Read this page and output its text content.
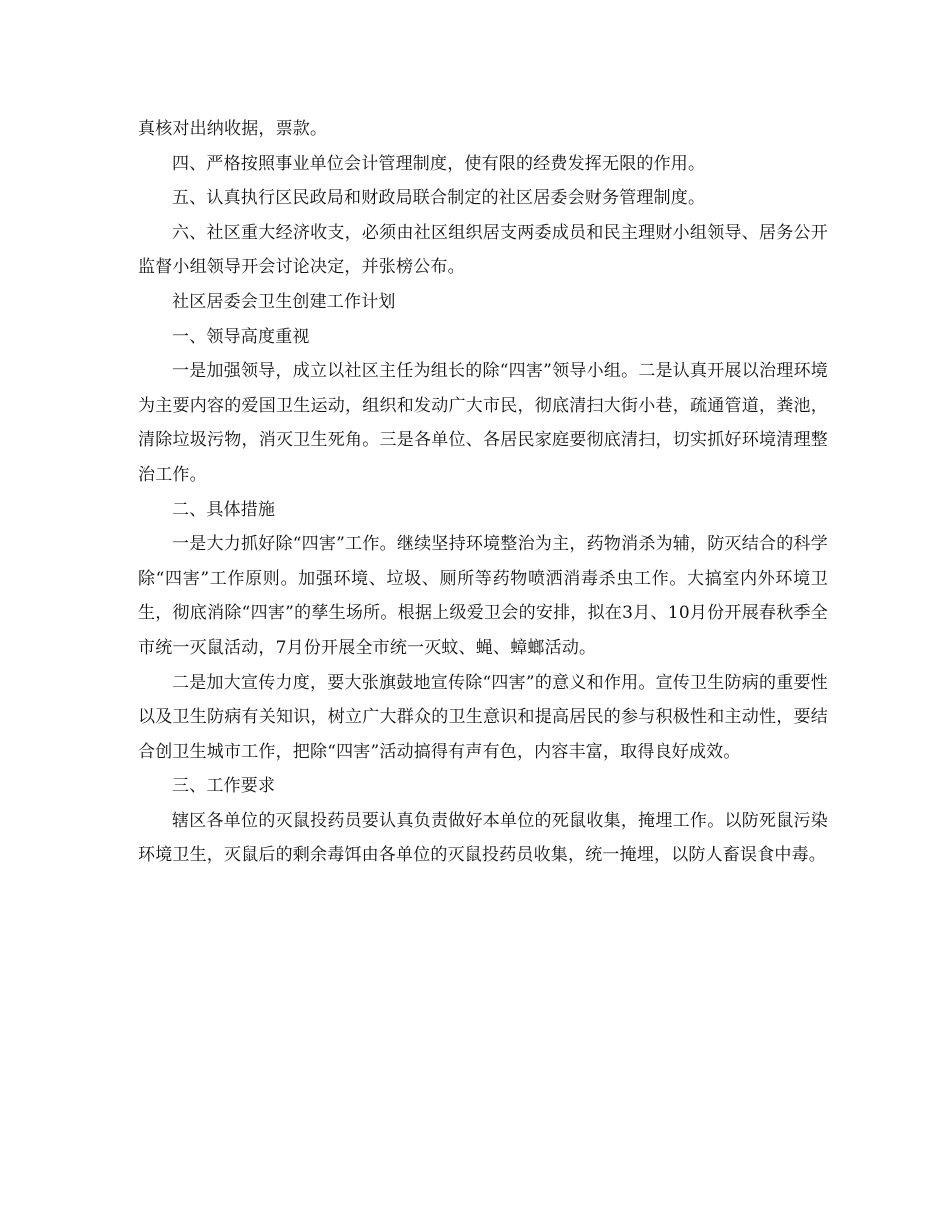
真核对出纳收据，票款。

四、严格按照事业单位会计管理制度，使有限的经费发挥无限的作用。

五、认真执行区民政局和财政局联合制定的社区居委会财务管理制度。

六、社区重大经济收支，必须由社区组织居支两委成员和民主理财小组领导、居务公开监督小组领导开会讨论决定，并张榜公布。

社区居委会卫生创建工作计划

一、领导高度重视

一是加强领导，成立以社区主任为组长的除“四害”领导小组。二是认真开展以治理环境为主要内容的爱国卫生运动，组织和发动广大市民，彻底清扫大街小巷，疏通管道，粪池，清除垃圾污物，消灭卫生死角。三是各单位、各居民家庭要彻底清扫，切实抓好环境清理整治工作。

二、具体措施

一是大力抓好除“四害”工作。继续坚持环境整治为主，药物消杀为辅，防灭结合的科学除“四害”工作原则。加强环境、垃圾、厕所等药物喷洒消毒杀虫工作。大搞室内外环境卫生，彻底消除“四害”的孳生场所。根据上级爱卫会的安排，拟在3月、10月份开展春秋季全市统一灭鼠活动，7月份开展全市统一灭蚊、蝇、蟑螂活动。

二是加大宣传力度，要大张旗鼓地宣传除“四害”的意义和作用。宣传卫生防病的重要性以及卫生防病有关知识，树立广大群众的卫生意识和提高居民的参与积极性和主动性，要结合创卫生城市工作，把除“四害”活动搞得有声有色，内容丰富，取得良好成效。

三、工作要求

辖区各单位的灭鼠投药员要认真负责做好本单位的死鼠收集，掩埋工作。以防死鼠污染环境卫生，灭鼠后的剩余毒饵由各单位的灭鼠投药员收集，统一掩埋，以防人畜误食中毒。
